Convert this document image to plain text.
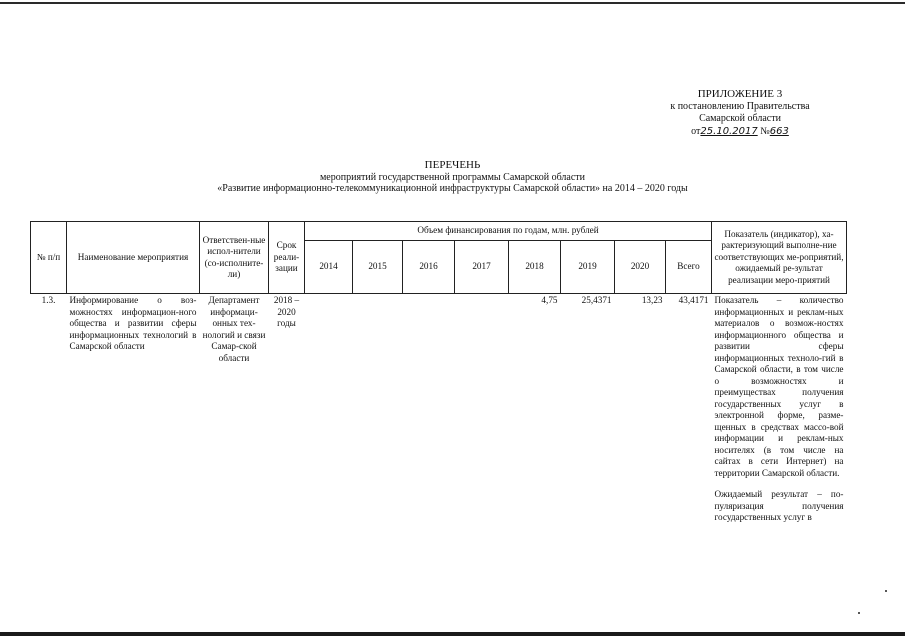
ПРИЛОЖЕНИЕ 3
к постановлению Правительства
Самарской области
от25.10.2017 №663
ПЕРЕЧЕНЬ
мероприятий государственной программы Самарской области
«Развитие информационно-телекоммуникационной инфраструктуры Самарской области» на 2014 – 2020 годы
№ п/п	Наименование мероприятия	Ответствен-ные испол-нители (со-исполните-ли)	Срок реали-зации	Объем финансирования по годам, млн. рублей								Показатель (индикатор), ха-рактеризующий выполне-ние соответствующих ме-роприятий, ожидаемый ре-зультат реализации меро-приятий
				2014	2015	2016	2017	2018	2019	2020	Всего	
1.3.	Информирование о воз-можностях информацион-ного общества и развитии сферы информационных технологий в Самарской области	Департамент информаци-онных тех-нологий и связи Самар-ской области	2018 – 2020 годы					4,75	25,4371	13,23	43,4171	Показатель – количество информационных и реклам-ных материалов о возмож-ностях информационного общества и развитии сферы информационных техноло-гий в Самарской области, в том числе о возможностях и преимуществах получения государственных услуг в электронной форме, разме-щенных в средствах массо-вой информации и реклам-ных носителях (в том числе на сайтах в сети Интернет) на территории Самарской области.

Ожидаемый результат – по-пуляризация получения государственных услуг в
